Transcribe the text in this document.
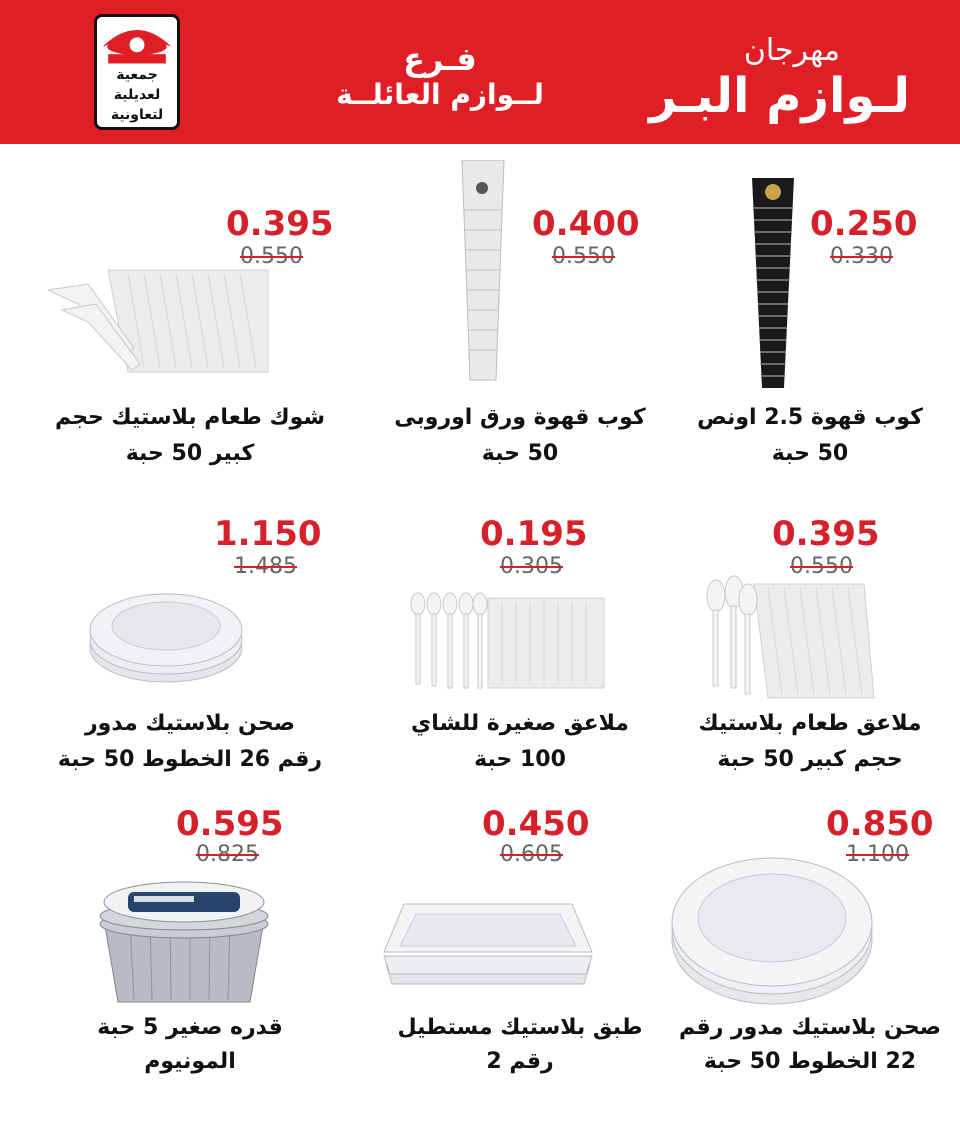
جمعية
لعديلية
لتعاونية
فـرع
لــوازم العائلــة
مهرجان
لـوازم البـر
0.250
0.330
كوب قهوة 2.5 اونص
50 حبة
0.400
0.550
كوب قهوة ورق اوروبى
50 حبة
0.395
0.550
شوك طعام بلاستيك حجم
كبير 50 حبة
0.395
0.550
ملاعق طعام بلاستيك
حجم كبير 50 حبة
0.195
0.305
ملاعق صغيرة للشاي
100 حبة
1.150
1.485
صحن بلاستيك مدور
رقم 26 الخطوط 50 حبة
0.850
1.100
صحن بلاستيك مدور رقم
22 الخطوط 50 حبة
0.450
0.605
طبق بلاستيك مستطيل
رقم 2
0.595
0.825
قدره صغير 5 حبة
المونيوم
